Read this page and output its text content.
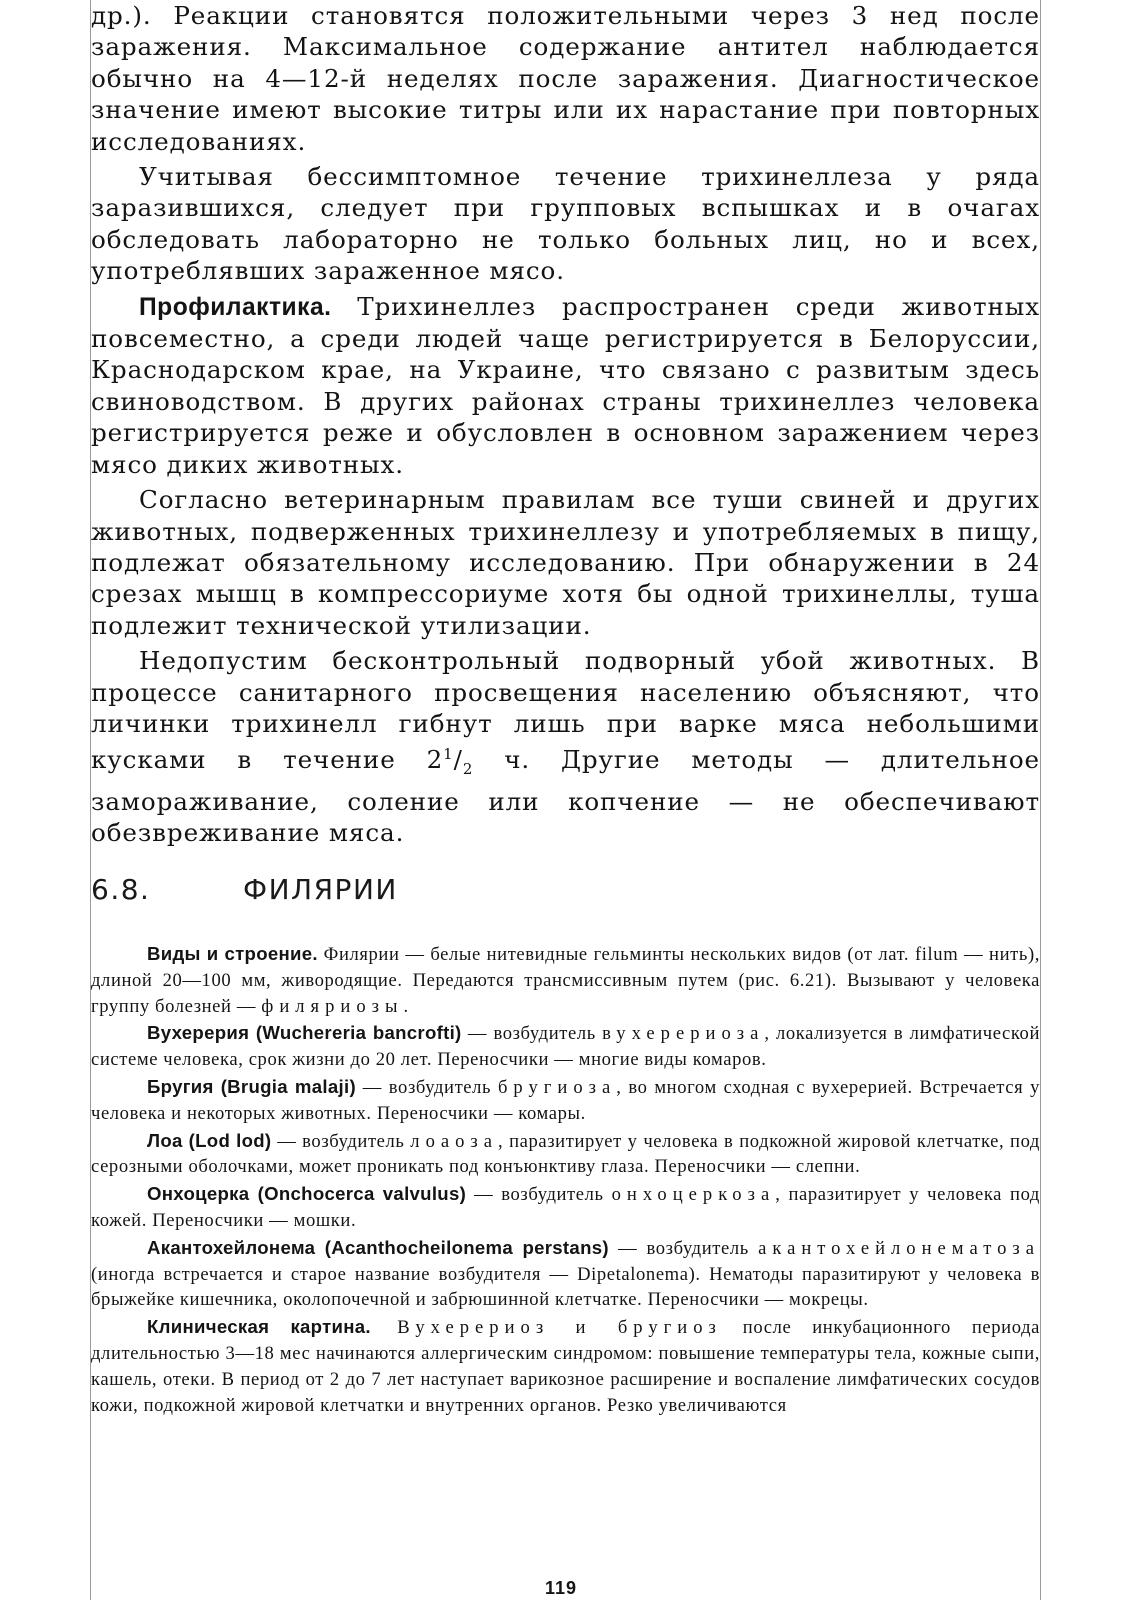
др.). Реакции становятся положительными через 3 нед после заражения. Максимальное содержание антител наблюдается обычно на 4—12-й неделях после заражения. Диагностическое значение имеют высокие титры или их нарастание при повторных исследованиях.

Учитывая бессимптомное течение трихинеллеза у ряда заразившихся, следует при групповых вспышках и в очагах обследовать лабораторно не только больных лиц, но и всех, употреблявших зараженное мясо.

Профилактика. Трихинеллез распространен среди животных повсеместно, а среди людей чаще регистрируется в Белоруссии, Краснодарском крае, на Украине, что связано с развитым здесь свиноводством. В других районах страны трихинеллез человека регистрируется реже и обусловлен в основном заражением через мясо диких животных.

Согласно ветеринарным правилам все туши свиней и других животных, подверженных трихинеллезу и употребляемых в пищу, подлежат обязательному исследованию. При обнаружении в 24 срезах мышц в компрессориуме хотя бы одной трихинеллы, туша подлежит технической утилизации.

Недопустим бесконтрольный подворный убой животных. В процессе санитарного просвещения населению объясняют, что личинки трихинелл гибнут лишь при варке мяса небольшими кусками в течение $2^1/_2$ ч. Другие методы — длительное замораживание, соление или копчение — не обеспечивают обезвреживание мяса.

6.8.	ФИЛЯРИИ

Виды и строение. Филярии — белые нитевидные гельминты нескольких видов (от лат. filum — нить), длиной 20—100 мм, живородящие. Передаются трансмиссивным путем (рис. 6.21). Вызывают у человека группу болезней — филяриозы.

Вухерерия (Wuchereria bancrofti) — возбудитель вухерериоза, локализуется в лимфатической системе человека, срок жизни до 20 лет. Переносчики — многие виды комаров.

Бругия (Brugia malaji) — возбудитель бругиоза, во многом сходная с вухерерией. Встречается у человека и некоторых животных. Переносчики — комары.

Лоа (Lod lod) — возбудитель лоаоза, паразитирует у человека в подкожной жировой клетчатке, под серозными оболочками, может проникать под конъюнктиву глаза. Переносчики — слепни.

Онхоцерка (Onchocerca valvulus) — возбудитель онхоцеркоза, паразитирует у человека под кожей. Переносчики — мошки.

Акантохейлонема (Acanthocheilonema perstans) — возбудитель акантохейлонематоза (иногда встречается и старое название возбудителя — Dipetalonema). Нематоды паразитируют у человека в брыжейке кишечника, околопочечной и забрюшинной клетчатке. Переносчики — мокрецы.

Клиническая картина. Вухерериоз и бругиоз после инкубационного периода длительностью 3—18 мес начинаются аллергическим синдромом: повышение температуры тела, кожные сыпи, кашель, отеки. В период от 2 до 7 лет наступает варикозное расширение и воспаление лимфатических сосудов кожи, подкожной жировой клетчатки и внутренних органов. Резко увеличиваются

119
